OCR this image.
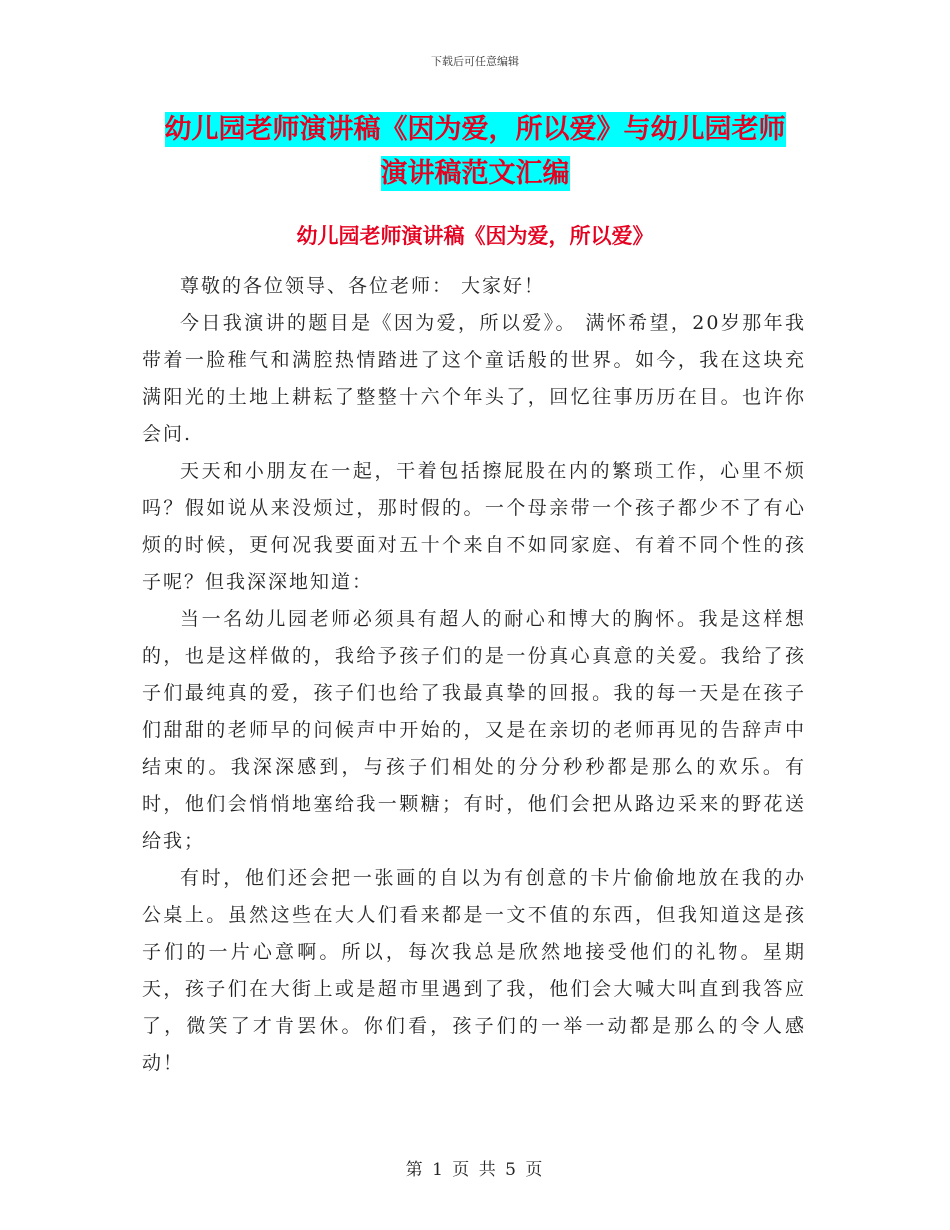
下载后可任意编辑
幼儿园老师演讲稿《因为爱，所以爱》与幼儿园老师
演讲稿范文汇编
幼儿园老师演讲稿《因为爱，所以爱》

尊敬的各位领导、各位老师： 大家好！

今日我演讲的题目是《因为爱，所以爱》。 满怀希望，20岁那年我带着一脸稚气和满腔热情踏进了这个童话般的世界。如今，我在这块充满阳光的土地上耕耘了整整十六个年头了，回忆往事历历在目。也许你会问.

天天和小朋友在一起，干着包括擦屁股在内的繁琐工作，心里不烦吗？假如说从来没烦过，那时假的。一个母亲带一个孩子都少不了有心烦的时候，更何况我要面对五十个来自不如同家庭、有着不同个性的孩子呢？但我深深地知道：

当一名幼儿园老师必须具有超人的耐心和博大的胸怀。我是这样想的，也是这样做的，我给予孩子们的是一份真心真意的关爱。我给了孩子们最纯真的爱，孩子们也给了我最真挚的回报。我的每一天是在孩子们甜甜的老师早的问候声中开始的，又是在亲切的老师再见的告辞声中结束的。我深深感到，与孩子们相处的分分秒秒都是那么的欢乐。有时，他们会悄悄地塞给我一颗糖；有时，他们会把从路边采来的野花送给我；

有时，他们还会把一张画的自以为有创意的卡片偷偷地放在我的办公桌上。虽然这些在大人们看来都是一文不值的东西，但我知道这是孩子们的一片心意啊。所以，每次我总是欣然地接受他们的礼物。星期天，孩子们在大街上或是超市里遇到了我，他们会大喊大叫直到我答应了，微笑了才肯罢休。你们看，孩子们的一举一动都是那么的令人感动！

第 1 页 共 5 页
